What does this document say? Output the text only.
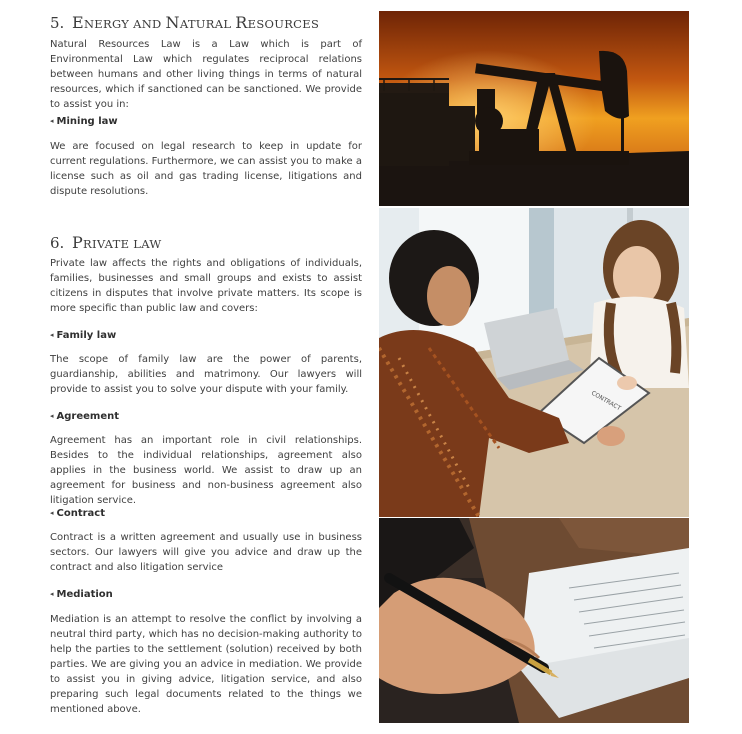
5. ENERGY AND NATURAL RESOURCES

Natural Resources Law is a Law which is part of Environmental Law which regulates reciprocal relations between humans and other living things in terms of natural resources, which if sanctioned can be sanctioned. We provide to assist you in:

◂ Mining law

We are focused on legal research to keep in update for current regulations. Furthermore, we can assist you to make a license such as oil and gas trading license, litigations and dispute resolutions.

6. PRIVATE LAW

Private law affects the rights and obligations of individuals, families, businesses and small groups and exists to assist citizens in disputes that involve private matters. Its scope is more specific than public law and covers:

◂ Family law

The scope of family law are the power of parents, guardianship, abilities and matrimony. Our lawyers will provide to assist you to solve your dispute with your family.

◂ Agreement

Agreement has an important role in civil relationships. Besides to the individual relationships, agreement also applies in the business world. We assist to draw up an agreement for business and non-business agreement also litigation service.

◂ Contract

Contract is a written agreement and usually use in business sectors. Our lawyers will give you advice and draw up the contract and also litigation service

◂ Mediation

Mediation is an attempt to resolve the conflict by involving a neutral third party, which has no decision-making authority to help the parties to the settlement (solution) received by both parties. We are giving you an advice in mediation. We provide to assist you in giving advice, litigation service, and also preparing such legal documents related to the things we mentioned above.

CONTRACT
